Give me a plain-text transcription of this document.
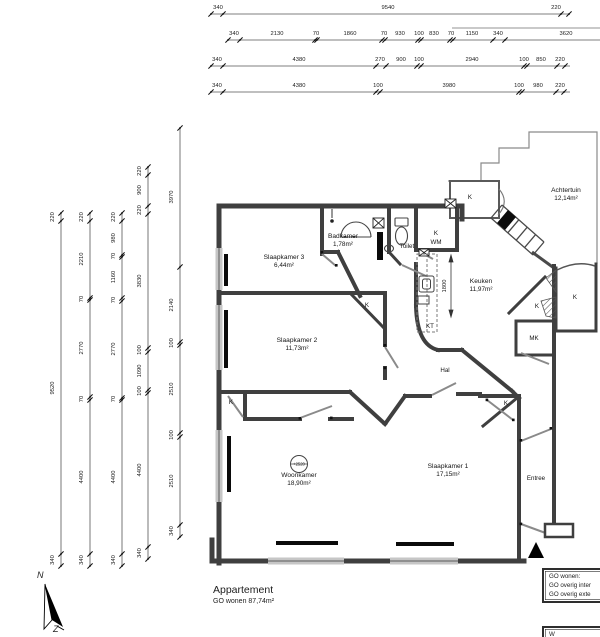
340	9540	220
340	2130	70	1860	70 930 100 830 70 1150	340	3620
340	4380	270 900 100	2940	100 850 220
340	4380	100	3980	100 980 220
220
9520
340
220
2210
70
2770
70
4400
340
220
980
70
1160
70
2770
70
4400
340
220
900
220
3830
100
1090
100
4400
340
3970
2140
100
2510
100
2510
340
Slaapkamer 3
6,44m²
Badkamer
1,78m²
Keuken
11,97m²
Achtertuin
12,14m²
Slaapkamer 2
11,73m²
Woonkamer
18,90m²
Slaapkamer 1
17,15m²
Toilet
Hal
Entree
MK
KT
K
K
WM
K
K
K
K	K
1800
+2520
Appartement
GO wonen 87,74m²
GO wonen:
GO overig inter
GO overig exte
W
N
Z
